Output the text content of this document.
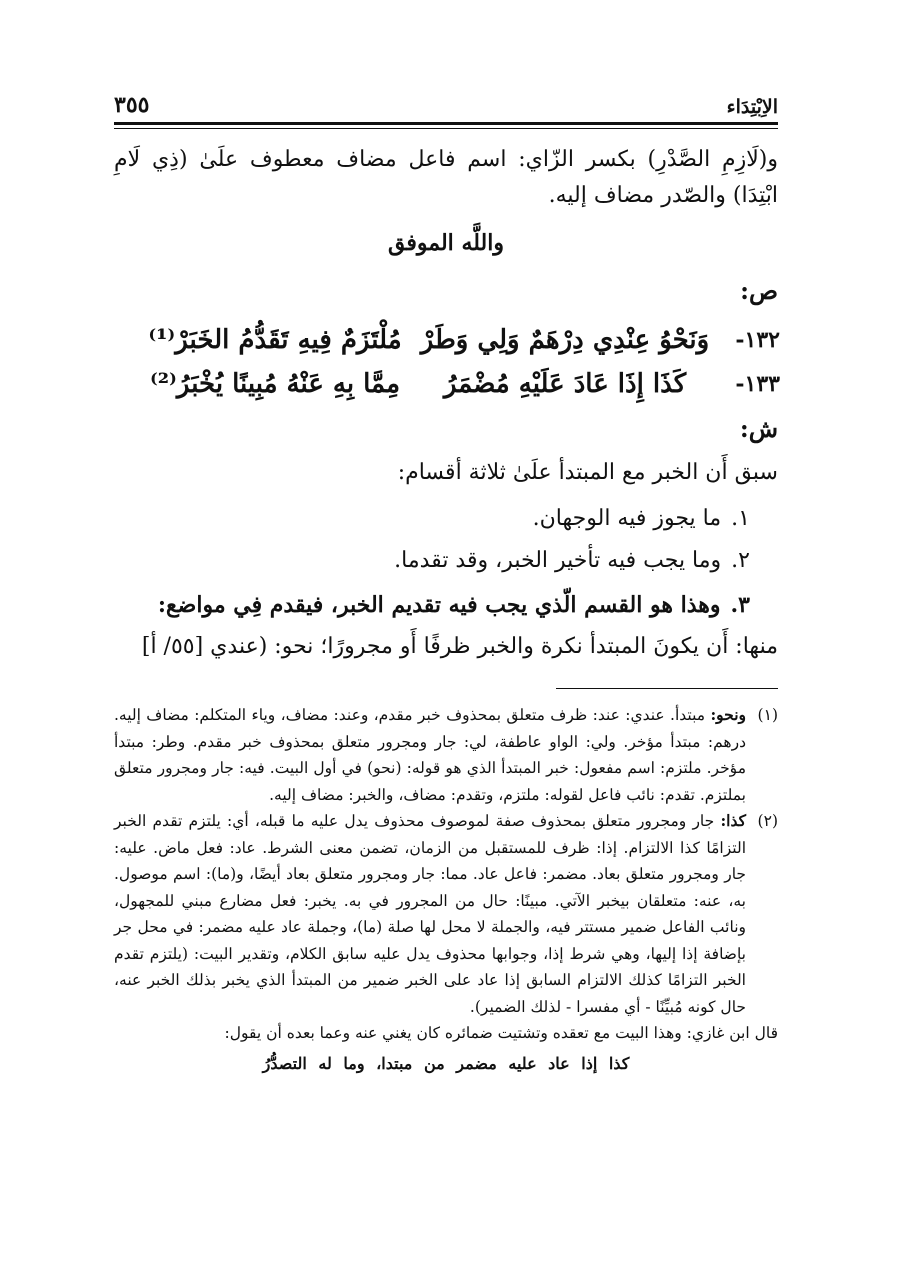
٣٥٥	الاِبْتِدَاء
و(لَازِمِ الصَّدْرِ) بكسر الزّاي: اسم فاعل مضاف معطوف علَىٰ (ذِي لَامِ ابْتِدَا) والصّدر مضاف إليه.
واللَّه الموفق
ص:
١٣٢-
وَنَحْوُ عِنْدِي دِرْهَمٌ وَلِي وَطَرْ
مُلْتَزَمٌ فِيهِ تَقَدُّمُ الخَبَرْ⁽¹⁾
١٣٣-
كَذَا إِذَا عَادَ عَلَيْهِ مُضْمَرُ
مِمَّا بِهِ عَنْهُ مُبِينًا يُخْبَرُ⁽²⁾
ش:
سبق أَن الخبر مع المبتدأ علَىٰ ثلاثة أقسام:
١.ما يجوز فيه الوجهان.
٢.وما يجب فيه تأخير الخبر، وقد تقدما.
٣.وهذا هو القسم الّذي يجب فيه تقديم الخبر، فيقدم فِي مواضع:
منها: أَن يكونَ المبتدأ نكرة والخبر ظرفًا أَو مجرورًا؛ نحو: (عندي [٥٥/ أ]

(١)
ونحو: مبتدأ. عندي: عند: ظرف متعلق بمحذوف خبر مقدم، وعند: مضاف، وياء المتكلم: مضاف إليه. درهم: مبتدأ مؤخر. ولي: الواو عاطفة، لي: جار ومجرور متعلق بمحذوف خبر مقدم. وطر: مبتدأ مؤخر. ملتزم: اسم مفعول: خبر المبتدأ الذي هو قوله: (نحو) في أول البيت. فيه: جار ومجرور متعلق بملتزم. تقدم: نائب فاعل لقوله: ملتزم، وتقدم: مضاف، والخبر: مضاف إليه.

(٢)
كذا: جار ومجرور متعلق بمحذوف صفة لموصوف محذوف يدل عليه ما قبله، أي: يلتزم تقدم الخبر التزامًا كذا الالتزام. إذا: ظرف للمستقبل من الزمان، تضمن معنى الشرط. عاد: فعل ماض. عليه: جار ومجرور متعلق بعاد. مضمر: فاعل عاد. مما: جار ومجرور متعلق بعاد أيضًا، و(ما): اسم موصول. به، عنه: متعلقان بيخبر الآتي. مبينًا: حال من المجرور في به. يخبر: فعل مضارع مبني للمجهول، ونائب الفاعل ضمير مستتر فيه، والجملة لا محل لها صلة (ما)، وجملة عاد عليه مضمر: في محل جر بإضافة إذا إليها، وهي شرط إذا، وجوابها محذوف يدل عليه سابق الكلام، وتقدير البيت: (يلتزم تقدم الخبر التزامًا كذلك الالتزام السابق إذا عاد على الخبر ضمير من المبتدأ الذي يخبر بذلك الخبر عنه، حال كونه مُبيِّنًا - أي مفسرا - لذلك الضمير).

قال ابن غازي: وهذا البيت مع تعقده وتشتيت ضمائره كان يغني عنه وعما بعده أن يقول:

كذا إذا عاد عليه مضمر من مبتدا، وما له التصدُّرُ
